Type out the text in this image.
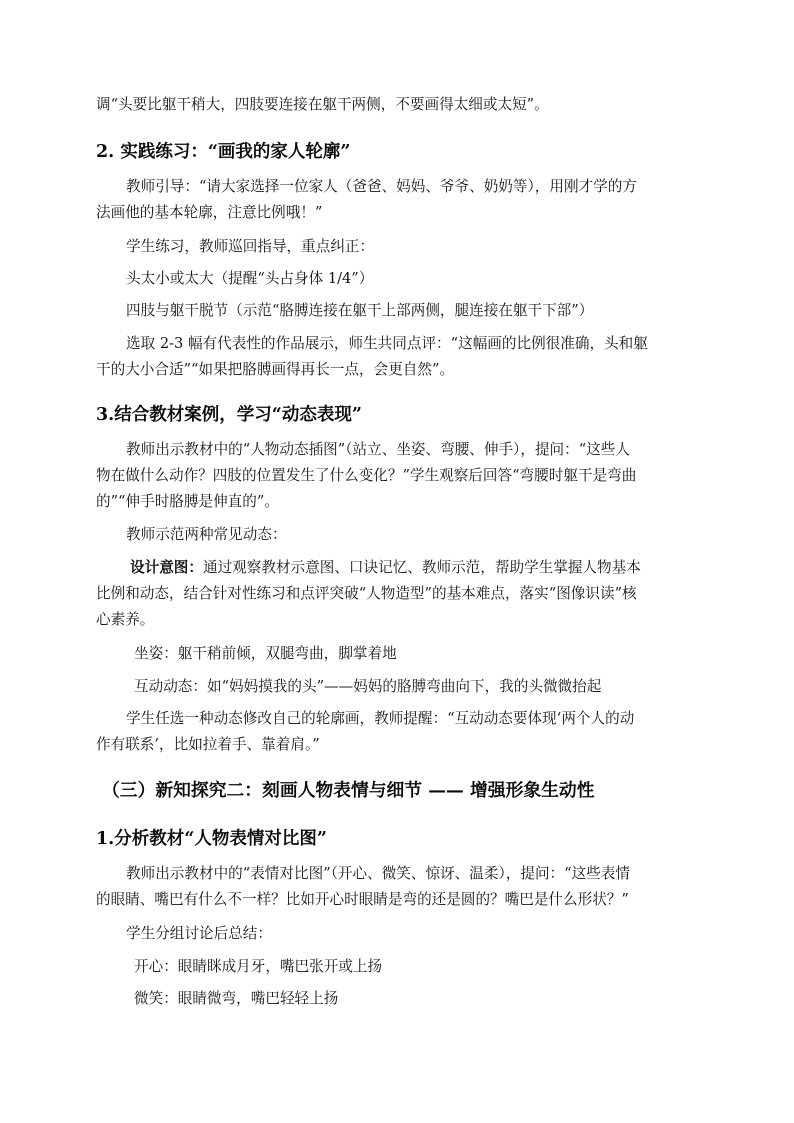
调“头要比躯干稍大，四肢要连接在躯干两侧，不要画得太细或太短”。
2. 实践练习：“画我的家人轮廓”
教师引导：“请大家选择一位家人（爸爸、妈妈、爷爷、奶奶等），用刚才学的方
法画他的基本轮廓，注意比例哦！”
学生练习，教师巡回指导，重点纠正：
头太小或太大（提醒“头占身体 1/4”）
四肢与躯干脱节（示范“胳膊连接在躯干上部两侧，腿连接在躯干下部”）
选取 2-3 幅有代表性的作品展示，师生共同点评：“这幅画的比例很准确，头和躯
干的大小合适”“如果把胳膊画得再长一点，会更自然”。
3.结合教材案例，学习“动态表现”
教师出示教材中的“人物动态插图”（站立、坐姿、弯腰、伸手），提问：“这些人
物在做什么动作？四肢的位置发生了什么变化？”学生观察后回答“弯腰时躯干是弯曲
的”“伸手时胳膊是伸直的”。
教师示范两种常见动态：
设计意图：通过观察教材示意图、口诀记忆、教师示范，帮助学生掌握人物基本
比例和动态，结合针对性练习和点评突破“人物造型”的基本难点，落实“图像识读”核
心素养。
坐姿：躯干稍前倾，双腿弯曲，脚掌着地
互动动态：如“妈妈摸我的头”——妈妈的胳膊弯曲向下，我的头微微抬起
学生任选一种动态修改自己的轮廓画，教师提醒：“互动动态要体现‘两个人的动
作有联系’，比如拉着手、靠着肩。”
（三）新知探究二：刻画人物表情与细节 —— 增强形象生动性
1.分析教材“人物表情对比图”
教师出示教材中的“表情对比图”（开心、微笑、惊讶、温柔），提问：“这些表情
的眼睛、嘴巴有什么不一样？比如开心时眼睛是弯的还是圆的？嘴巴是什么形状？”
学生分组讨论后总结：
开心：眼睛眯成月牙，嘴巴张开或上扬
微笑：眼睛微弯，嘴巴轻轻上扬
